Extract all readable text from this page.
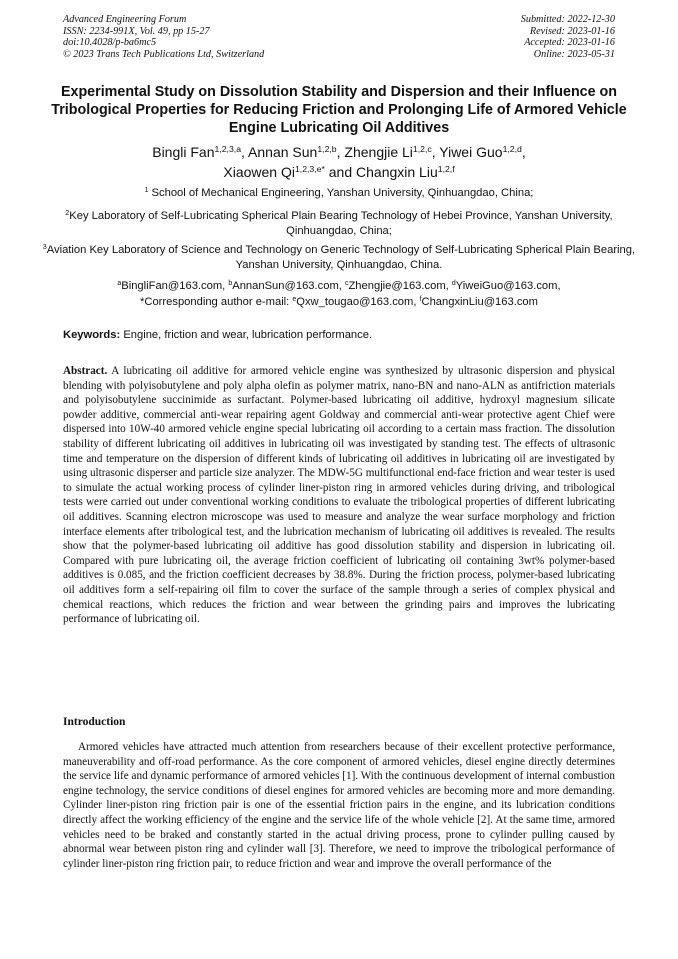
Advanced Engineering Forum
ISSN: 2234-991X, Vol. 49, pp 15-27
doi:10.4028/p-ba6mc5
© 2023 Trans Tech Publications Ltd, Switzerland
Submitted: 2022-12-30
Revised: 2023-01-16
Accepted: 2023-01-16
Online: 2023-05-31
Experimental Study on Dissolution Stability and Dispersion and their Influence on Tribological Properties for Reducing Friction and Prolonging Life of Armored Vehicle Engine Lubricating Oil Additives
Bingli Fan$^{1,2,3,a}$, Annan Sun$^{1,2,b}$, Zhengjie Li$^{1,2,c}$, Yiwei Guo$^{1,2,d}$,
Xiaowen $Qi^{1,2,3,e*}$ and Changxin Liu$^{1,2,f}$
$^1$ School of Mechanical Engineering, Yanshan University, Qinhuangdao, China;
$^2$Key Laboratory of Self-Lubricating Spherical Plain Bearing Technology of Hebei Province, Yanshan University, Qinhuangdao, China;
$^3$Aviation Key Laboratory of Science and Technology on Generic Technology of Self-Lubricating Spherical Plain Bearing, Yanshan University, Qinhuangdao, China.
$^a$BingliFan@163.com, $^b$AnnanSun@163.com, $^c$Zhengjie@163.com, $^d$YiweiGuo@163.com,
*Corresponding author e-mail: $^e$Qxw_tougao@163.com, $^f$ChangxinLiu@163.com
Keywords: Engine, friction and wear, lubrication performance.
Abstract. A lubricating oil additive for armored vehicle engine was synthesized by ultrasonic dispersion and physical blending with polyisobutylene and poly alpha olefin as polymer matrix, nano-BN and nano-ALN as antifriction materials and polyisobutylene succinimide as surfactant. Polymer-based lubricating oil additive, hydroxyl magnesium silicate powder additive, commercial anti-wear repairing agent Goldway and commercial anti-wear protective agent Chief were dispersed into 10W-40 armored vehicle engine special lubricating oil according to a certain mass fraction. The dissolution stability of different lubricating oil additives in lubricating oil was investigated by standing test. The effects of ultrasonic time and temperature on the dispersion of different kinds of lubricating oil additives in lubricating oil are investigated by using ultrasonic disperser and particle size analyzer. The MDW-5G multifunctional end-face friction and wear tester is used to simulate the actual working process of cylinder liner-piston ring in armored vehicles during driving, and tribological tests were carried out under conventional working conditions to evaluate the tribological properties of different lubricating oil additives. Scanning electron microscope was used to measure and analyze the wear surface morphology and friction interface elements after tribological test, and the lubrication mechanism of lubricating oil additives is revealed. The results show that the polymer-based lubricating oil additive has good dissolution stability and dispersion in lubricating oil. Compared with pure lubricating oil, the average friction coefficient of lubricating oil containing 3wt% polymer-based additives is 0.085, and the friction coefficient decreases by 38.8%. During the friction process, polymer-based lubricating oil additives form a self-repairing oil film to cover the surface of the sample through a series of complex physical and chemical reactions, which reduces the friction and wear between the grinding pairs and improves the lubricating performance of lubricating oil.
Introduction
Armored vehicles have attracted much attention from researchers because of their excellent protective performance, maneuverability and off-road performance. As the core component of armored vehicles, diesel engine directly determines the service life and dynamic performance of armored vehicles [1]. With the continuous development of internal combustion engine technology, the service conditions of diesel engines for armored vehicles are becoming more and more demanding. Cylinder liner-piston ring friction pair is one of the essential friction pairs in the engine, and its lubrication conditions directly affect the working efficiency of the engine and the service life of the whole vehicle [2]. At the same time, armored vehicles need to be braked and constantly started in the actual driving process, prone to cylinder pulling caused by abnormal wear between piston ring and cylinder wall [3]. Therefore, we need to improve the tribological performance of cylinder liner-piston ring friction pair, to reduce friction and wear and improve the overall performance of the
